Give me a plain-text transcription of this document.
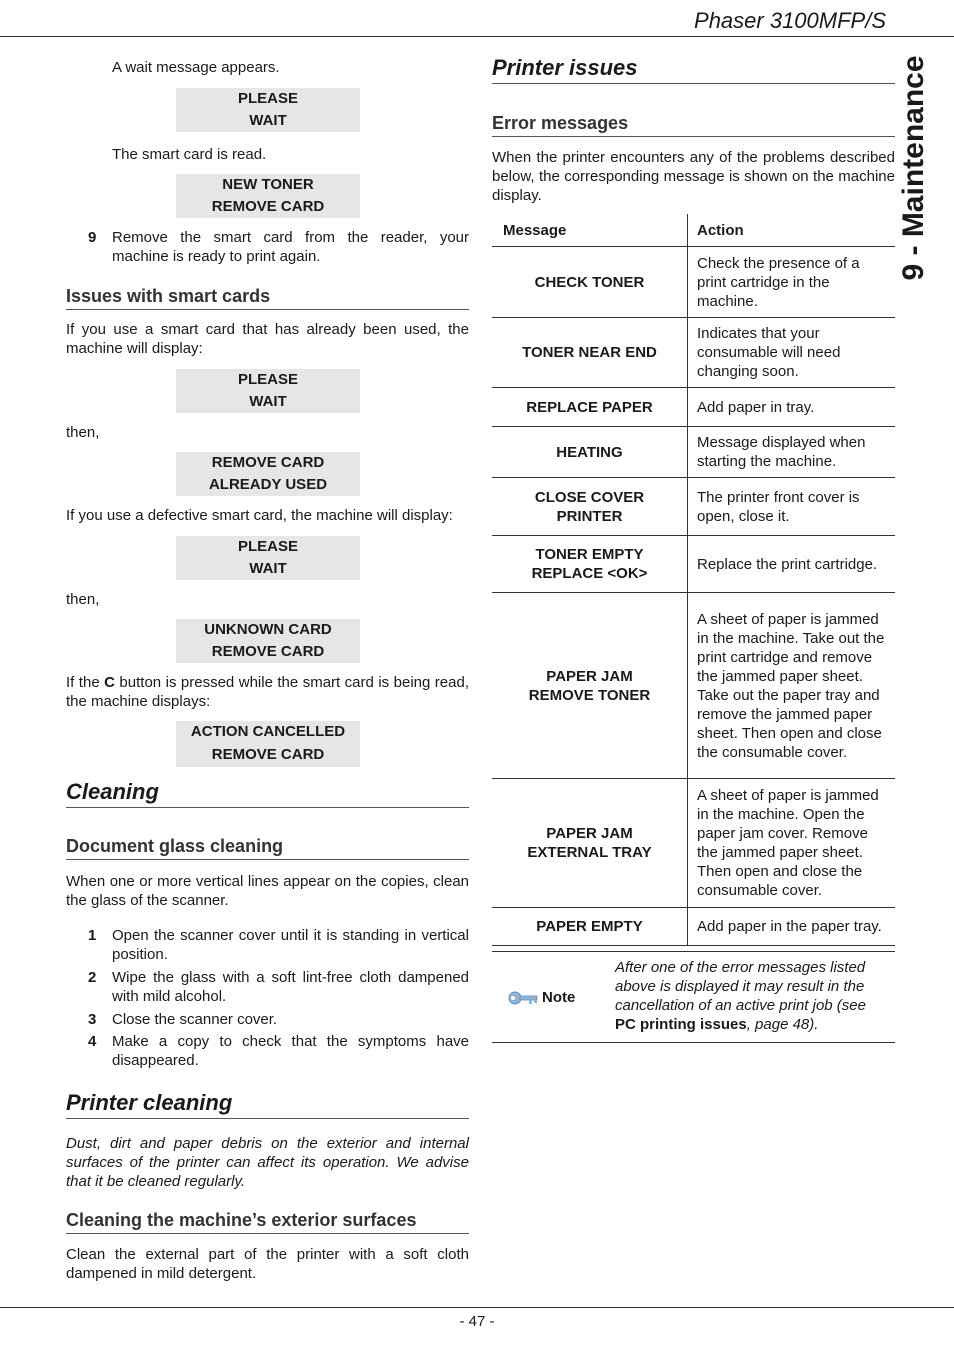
Phaser 3100MFP/S
9 - Maintenance

A wait message appears.

PLEASE
WAIT

The smart card is read.

NEW TONER
REMOVE CARD
9 Remove the smart card from the reader, your machine is ready to print again.
Issues with smart cards

If you use a smart card that has already been used, the machine will display:

PLEASE
WAIT

then,

REMOVE CARD
ALREADY USED

If you use a defective smart card, the machine will display:

PLEASE
WAIT

then,

UNKNOWN CARD
REMOVE CARD

If the C button is pressed while the smart card is being read, the machine displays:

ACTION CANCELLED
REMOVE CARD
Cleaning
Document glass cleaning

When one or more vertical lines appear on the copies, clean the glass of the scanner.

1 Open the scanner cover until it is standing in vertical position.
2 Wipe the glass with a soft lint-free cloth dampened with mild alcohol.
3 Close the scanner cover.
4 Make a copy to check that the symptoms have disappeared.
Printer cleaning

Dust, dirt and paper debris on the exterior and internal surfaces of the printer can affect its operation. We advise that it be cleaned regularly.

Cleaning the machine’s exterior surfaces

Clean the external part of the printer with a soft cloth dampened in mild detergent.

Printer issues
Error messages

When the printer encounters any of the problems described below, the corresponding message is shown on the machine display.

Message	Action

CHECK TONER	Check the presence of a print cartridge in the machine.

TONER NEAR END	Indicates that your consumable will need changing soon.

REPLACE PAPER	Add paper in tray.

HEATING	Message displayed when starting the machine.

CLOSE COVER
PRINTER	The printer front cover is open, close it.

TONER EMPTY
REPLACE <OK>	Replace the print cartridge.

PAPER JAM
REMOVE TONER	A sheet of paper is jammed in the machine. Take out the print cartridge and remove the jammed paper sheet. Take out the paper tray and remove the jammed paper sheet. Then open and close the consumable cover.

PAPER JAM
EXTERNAL TRAY	A sheet of paper is jammed in the machine. Open the paper jam cover. Remove the jammed paper sheet. Then open and close the consumable cover.

PAPER EMPTY	Add paper in the paper tray.
Note
After one of the error messages listed above is displayed it may result in the cancellation of an active print job (see PC printing issues, page 48).
- 47 -
